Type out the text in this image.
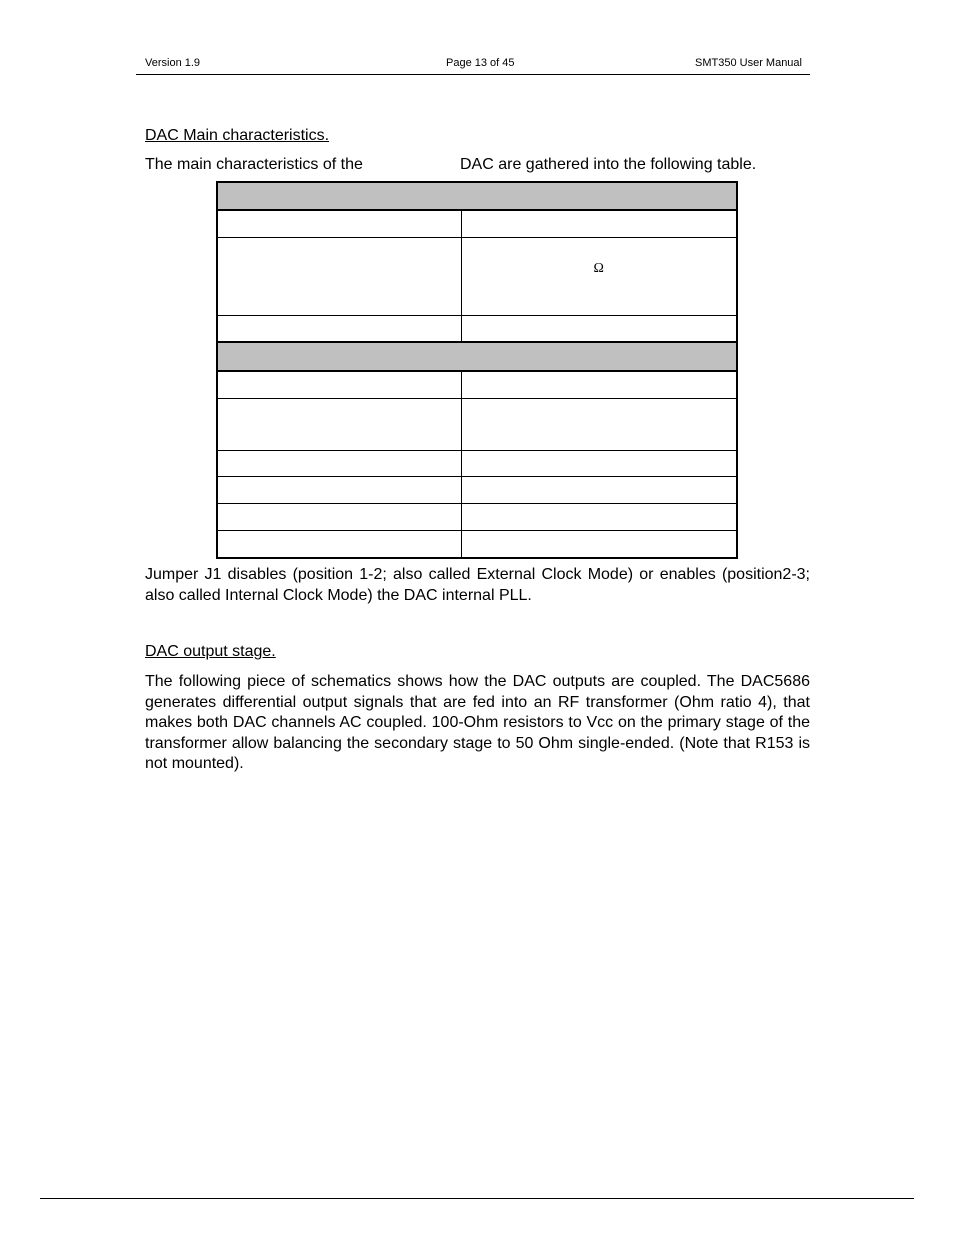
Version 1.9	Page 13 of 45	SMT350 User Manual
DAC Main characteristics.
The main characteristics of the	DAC are gathered into the following table.

	Ω

Jumper J1 disables (position 1-2; also called External Clock Mode) or enables (position2-3; also called Internal Clock Mode) the DAC internal PLL.
DAC output stage.
The following piece of schematics shows how the DAC outputs are coupled. The DAC5686 generates differential output signals that are fed into an RF transformer (Ohm ratio 4), that makes both DAC channels AC coupled. 100-Ohm resistors to Vcc on the primary stage of the transformer allow balancing the secondary stage to 50 Ohm single-ended. (Note that R153 is not mounted).
